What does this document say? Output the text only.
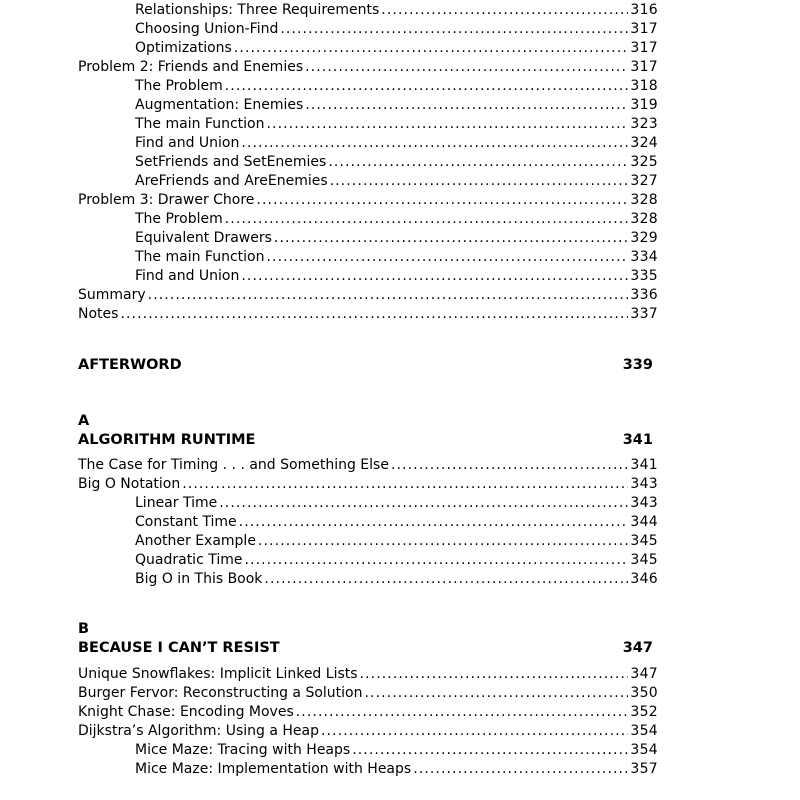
Relationships: Three Requirements .....	316
Choosing Union-Find .....	317
Optimizations .....	317
Problem 2: Friends and Enemies .....	317
The Problem .....	318
Augmentation: Enemies .....	319
The main Function .....	323
Find and Union .....	324
SetFriends and SetEnemies .....	325
AreFriends and AreEnemies .....	327
Problem 3: Drawer Chore .....	328
The Problem .....	328
Equivalent Drawers .....	329
The main Function .....	334
Find and Union .....	335
Summary .....	336
Notes .....	337
AFTERWORD	339
A
ALGORITHM RUNTIME	341
The Case for Timing . . . and Something Else .....	341
Big O Notation .....	343
Linear Time .....	343
Constant Time .....	344
Another Example .....	345
Quadratic Time .....	345
Big O in This Book .....	346
B
BECAUSE I CAN’T RESIST	347
Unique Snowflakes: Implicit Linked Lists .....	347
Burger Fervor: Reconstructing a Solution .....	350
Knight Chase: Encoding Moves .....	352
Dijkstra’s Algorithm: Using a Heap .....	354
Mice Maze: Tracing with Heaps .....	354
Mice Maze: Implementation with Heaps .....	357
